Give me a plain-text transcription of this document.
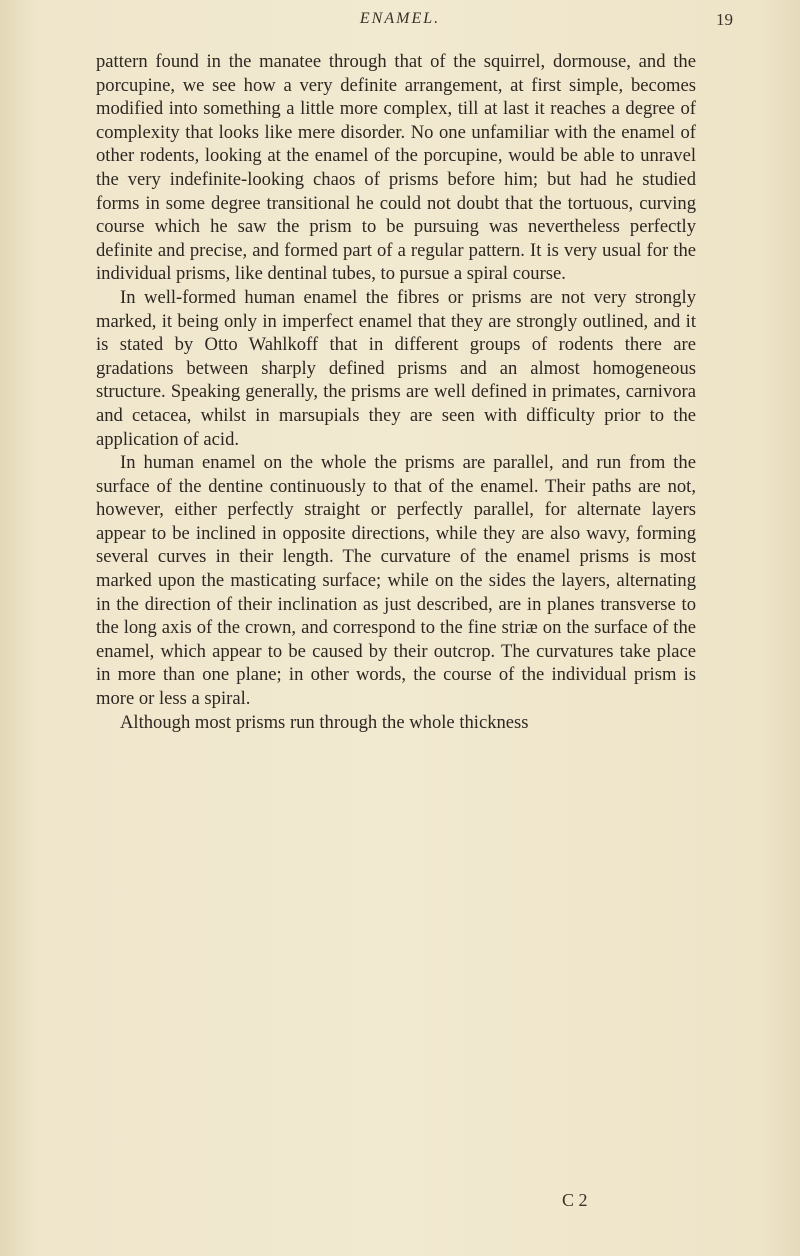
ENAMEL.	19

pattern found in the manatee through that of the squirrel, dormouse, and the porcupine, we see how a very definite arrangement, at first simple, becomes modified into something a little more complex, till at last it reaches a degree of complexity that looks like mere disorder. No one unfamiliar with the enamel of other rodents, looking at the enamel of the porcupine, would be able to unravel the very indefinite-looking chaos of prisms before him; but had he studied forms in some degree transitional he could not doubt that the tortuous, curving course which he saw the prism to be pursuing was nevertheless perfectly definite and precise, and formed part of a regular pattern. It is very usual for the individual prisms, like dentinal tubes, to pursue a spiral course.

In well-formed human enamel the fibres or prisms are not very strongly marked, it being only in imperfect enamel that they are strongly outlined, and it is stated by Otto Wahlkoff that in different groups of rodents there are gradations between sharply defined prisms and an almost homogeneous structure. Speaking generally, the prisms are well defined in primates, carnivora and cetacea, whilst in marsupials they are seen with difficulty prior to the application of acid.

In human enamel on the whole the prisms are parallel, and run from the surface of the dentine continuously to that of the enamel. Their paths are not, however, either perfectly straight or perfectly parallel, for alternate layers appear to be inclined in opposite directions, while they are also wavy, forming several curves in their length. The curvature of the enamel prisms is most marked upon the masticating surface; while on the sides the layers, alternating in the direction of their inclination as just described, are in planes transverse to the long axis of the crown, and correspond to the fine striæ on the surface of the enamel, which appear to be caused by their outcrop. The curvatures take place in more than one plane; in other words, the course of the individual prism is more or less a spiral.

Although most prisms run through the whole thickness

C 2
